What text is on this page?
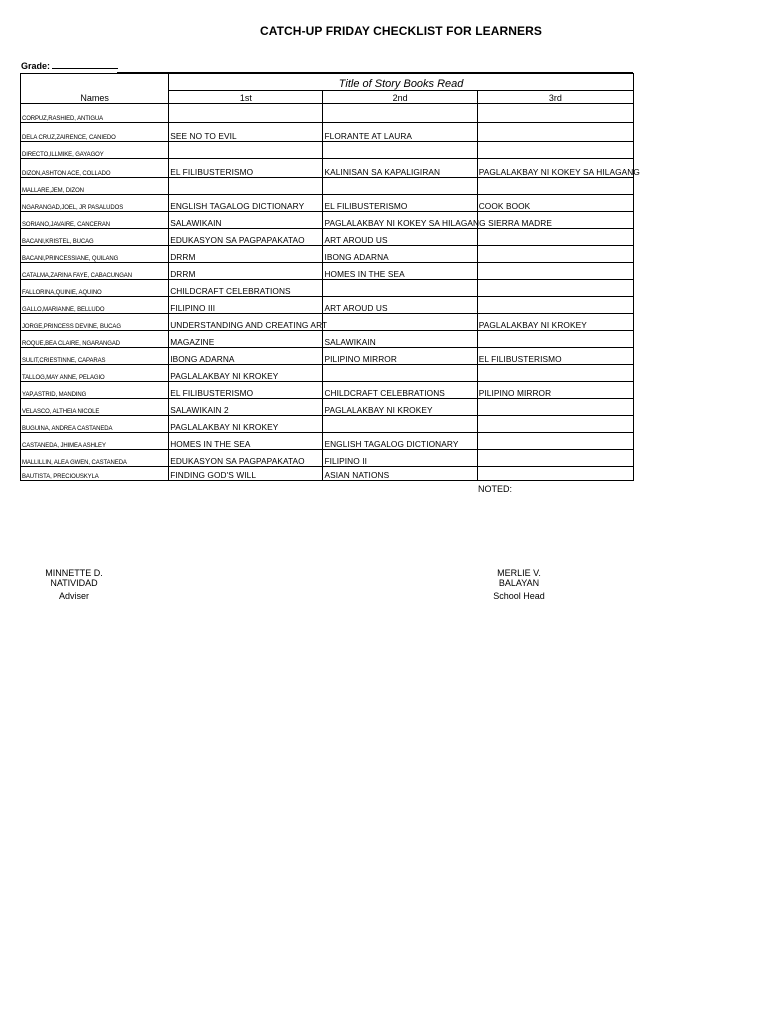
CATCH-UP FRIDAY CHECKLIST FOR LEARNERS
Grade:
Names	Title of Story Books Read		
	1st	2nd	3rd
CORPUZ,RASHIED, ANTIGUA			
DELA CRUZ,ZAIRENCE, CANIEDO	SEE NO TO EVIL	FLORANTE AT LAURA	
DIRECTO,ILLMIKE, GAYAGOY			
DIZON,ASHTON ACE, COLLADO	EL FILIBUSTERISMO	KALINISAN SA KAPALIGIRAN	PAGLALAKBAY NI KOKEY SA HILAGANG
MALLARE,JEM, DIZON			
NGARANGAD,JOEL, JR PASALUDOS	ENGLISH TAGALOG DICTIONARY	EL FILIBUSTERISMO	COOK BOOK
SORIANO,JAVAIRE, CANCERAN	SALAWIKAIN	PAGLALAKBAY NI KOKEY SA HILAGANG SIERRA MADRE	
BACANI,KRISTEL, BUCAG	EDUKASYON SA PAGPAPAKATAO	ART AROUD US	
BACANI,PRINCESSIANE, QUILANG	DRRM	IBONG ADARNA	
CATALMA,ZARINA FAYE, CABACUNGAN	DRRM	HOMES IN THE SEA	
FALLORINA,QUINIE, AQUINO	CHILDCRAFT CELEBRATIONS		
GALLO,MARIANNE, BELLUDO	FILIPINO III	ART AROUD US	
JORGE,PRINCESS DEVINE, BUCAG	UNDERSTANDING AND CREATING ART		PAGLALAKBAY NI KROKEY
ROQUE,BEA CLAIRE, NGARANGAD	MAGAZINE	SALAWIKAIN	
SULIT,CRIESTINNE, CAPARAS	IBONG ADARNA	PILIPINO MIRROR	EL FILIBUSTERISMO
TALLOG,MAY ANNE, PELAGIO	PAGLALAKBAY NI KROKEY		
YAP,ASTRID, MANDING	EL FILIBUSTERISMO	CHILDCRAFT CELEBRATIONS	PILIPINO MIRROR
VELASCO, ALTHEIA NICOLE	SALAWIKAIN 2	PAGLALAKBAY NI KROKEY	
BUGUINA, ANDREA CASTANEDA	PAGLALAKBAY NI KROKEY		
CASTANEDA, JHIMEA ASHLEY	HOMES IN THE SEA	ENGLISH TAGALOG DICTIONARY	
MALLILLIN, ALEA GWEN, CASTANEDA	EDUKASYON SA PAGPAPAKATAO	FILIPINO II	
BAUTISTA, PRECIOUSKYLA	FINDING GOD'S WILL	ASIAN NATIONS	
NOTED:
MINNETTE D. NATIVIDAD
Adviser
MERLIE V. BALAYAN
School Head
